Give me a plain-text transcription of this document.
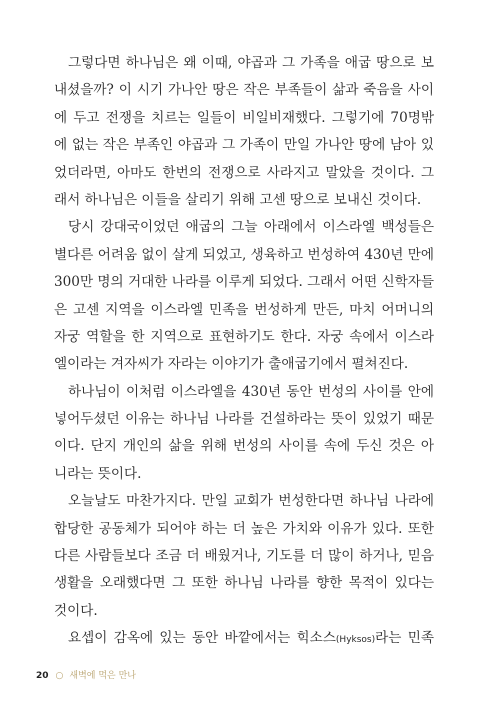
그렇다면 하나님은 왜 이때, 야곱과 그 가족을 애굽 땅으로 보
내셨을까? 이 시기 가나안 땅은 작은 부족들이 삶과 죽음을 사이
에 두고 전쟁을 치르는 일들이 비일비재했다. 그렇기에 70명밖
에 없는 작은 부족인 야곱과 그 가족이 만일 가나안 땅에 남아 있
었더라면, 아마도 한번의 전쟁으로 사라지고 말았을 것이다. 그
래서 하나님은 이들을 살리기 위해 고센 땅으로 보내신 것이다.
당시 강대국이었던 애굽의 그늘 아래에서 이스라엘 백성들은
별다른 어려움 없이 살게 되었고, 생육하고 번성하여 430년 만에
300만 명의 거대한 나라를 이루게 되었다. 그래서 어떤 신학자들
은 고센 지역을 이스라엘 민족을 번성하게 만든, 마치 어머니의
자궁 역할을 한 지역으로 표현하기도 한다. 자궁 속에서 이스라
엘이라는 겨자씨가 자라는 이야기가 출애굽기에서 펼쳐진다.
하나님이 이처럼 이스라엘을 430년 동안 번성의 사이를 안에
넣어두셨던 이유는 하나님 나라를 건설하라는 뜻이 있었기 때문
이다. 단지 개인의 삶을 위해 번성의 사이를 속에 두신 것은 아
니라는 뜻이다.
오늘날도 마찬가지다. 만일 교회가 번성한다면 하나님 나라에
합당한 공동체가 되어야 하는 더 높은 가치와 이유가 있다. 또한
다른 사람들보다 조금 더 배웠거나, 기도를 더 많이 하거나, 믿음
생활을 오래했다면 그 또한 하나님 나라를 향한 목적이 있다는
것이다.
요셉이 감옥에 있는 동안 바깥에서는 힉소스(Hyksos)라는 민족
20 ○ 새벽에 먹은 만나
